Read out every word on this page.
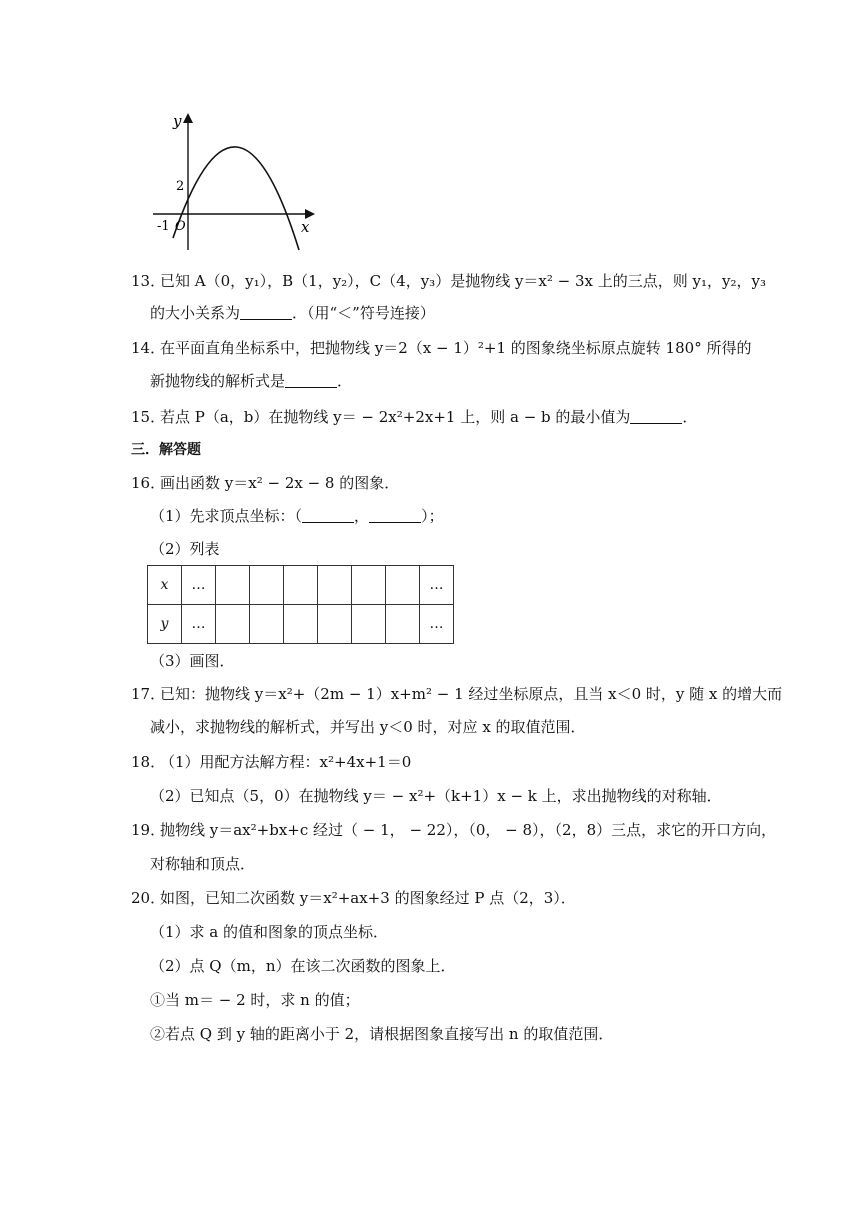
y
x
2
-1 O
13．
已知 A（0，y₁），B（1，y₂），C（4，y₃）是抛物线 y＝x² − 3x 上的三点，则 y₁，y₂，y₃
的大小关系为	．（用“＜”符号连接）
14．
在平面直角坐标系中，把抛物线 y＝2（x − 1）²+1 的图象绕坐标原点旋转 180° 所得的
新抛物线的解析式是	．
15．
若点 P（a，b）在抛物线 y＝ − 2x²+2x+1 上，则 a − b 的最小值为	．
三．解答题
16．
画出函数 y＝x² − 2x − 8 的图象．
（1）先求顶点坐标：（	，	）；
（2）列表
x	…							…
y	…							…
（3）画图．
17．
已知：抛物线 y＝x²+（2m − 1）x+m² − 1 经过坐标原点，且当 x＜0 时，y 随 x 的增大而
减小，求抛物线的解析式，并写出 y＜0 时，对应 x 的取值范围．
18．
（1）用配方法解方程：x²+4x+1＝0
（2）已知点（5，0）在抛物线 y＝ − x²+（k+1）x − k 上，求出抛物线的对称轴．
19．
抛物线 y＝ax²+bx+c 经过（ − 1， − 22），（0， − 8），（2，8）三点，求它的开口方向，
对称轴和顶点．
20．
如图，已知二次函数 y＝x²+ax+3 的图象经过 P 点（2，3）．
（1）求 a 的值和图象的顶点坐标．
（2）点 Q（m，n）在该二次函数的图象上．
①当 m＝ − 2 时，求 n 的值；
②若点 Q 到 y 轴的距离小于 2，请根据图象直接写出 n 的取值范围．
